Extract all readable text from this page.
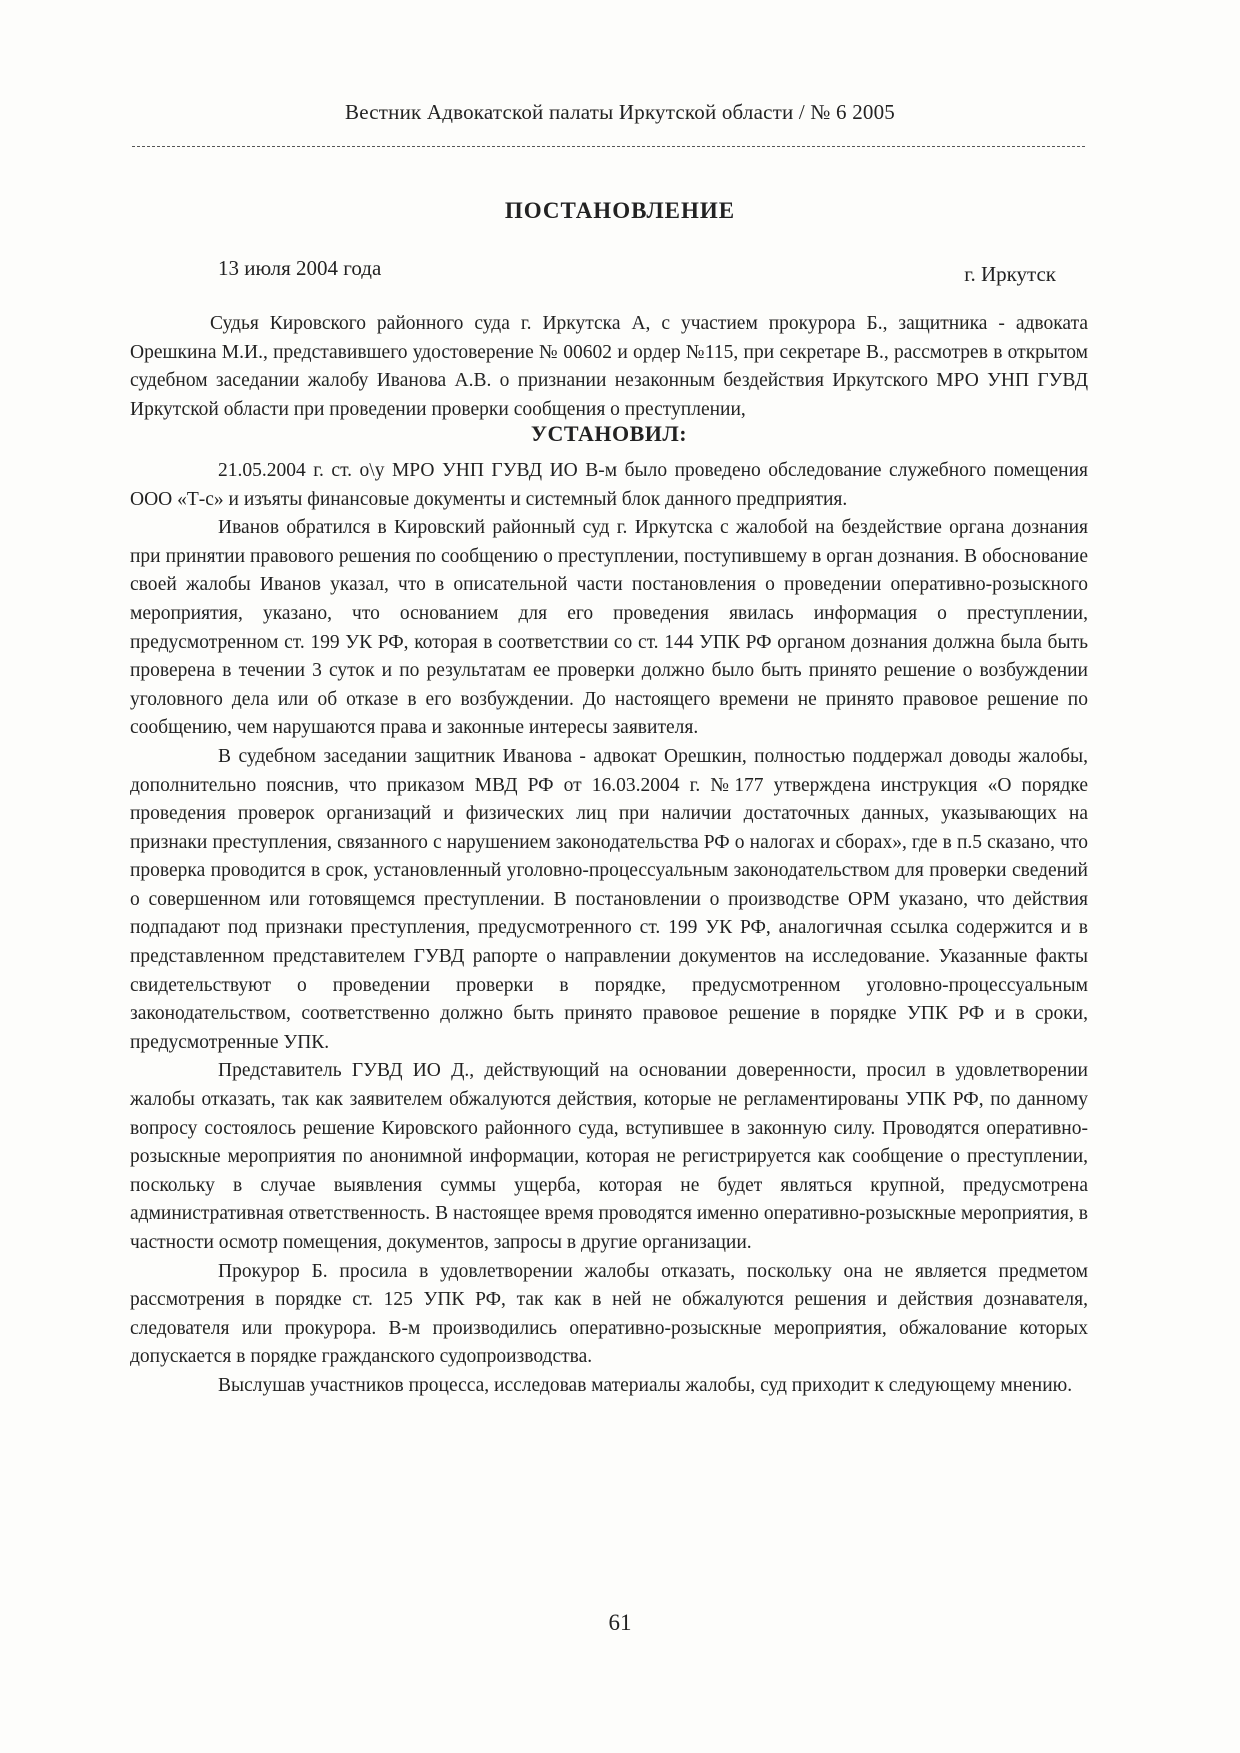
Вестник Адвокатской палаты Иркутской области / № 6 2005
ПОСТАНОВЛЕНИЕ
13 июля 2004 года	г. Иркутск

Судья Кировского районного суда г. Иркутска А, с участием прокурора Б., защитника - адвоката Орешкина М.И., представившего удостоверение № 00602 и ордер №115, при секретаре В., рассмотрев в открытом судебном заседании жалобу Иванова А.В. о признании незаконным бездействия Иркутского МРО УНП ГУВД Иркутской области при проведении проверки сообщения о преступлении,

УСТАНОВИЛ:

21.05.2004 г. ст. о\у МРО УНП ГУВД ИО В-м было проведено обследование служебного помещения ООО «Т-с» и изъяты финансовые документы и системный блок данного предприятия.

Иванов обратился в Кировский районный суд г. Иркутска с жалобой на бездействие органа дознания при принятии правового решения по сообщению о преступлении, поступившему в орган дознания. В обоснование своей жалобы Иванов указал, что в описательной части постановления о проведении оперативно-розыскного мероприятия, указано, что основанием для его проведения явилась информация о преступлении, предусмотренном ст. 199 УК РФ, которая в соответствии со ст. 144 УПК РФ органом дознания должна была быть проверена в течении 3 суток и по результатам ее проверки должно было быть принято решение о возбуждении уголовного дела или об отказе в его возбуждении. До настоящего времени не принято правовое решение по сообщению, чем нарушаются права и законные интересы заявителя.

В судебном заседании защитник Иванова - адвокат Орешкин, полностью поддержал доводы жалобы, дополнительно пояснив, что приказом МВД РФ от 16.03.2004 г. №177 утверждена инструкция «О порядке проведения проверок организаций и физических лиц при наличии достаточных данных, указывающих на признаки преступления, связанного с нарушением законодательства РФ о налогах и сборах», где в п.5 сказано, что проверка проводится в срок, установленный уголовно-процессуальным законодательством для проверки сведений о совершенном или готовящемся преступлении. В постановлении о производстве ОРМ указано, что действия подпадают под признаки преступления, предусмотренного ст. 199 УК РФ, аналогичная ссылка содержится и в представленном представителем ГУВД рапорте о направлении документов на исследование. Указанные факты свидетельствуют о проведении проверки в порядке, предусмотренном уголовно-процессуальным законодательством, соответственно должно быть принято правовое решение в порядке УПК РФ и в сроки, предусмотренные УПК.

Представитель ГУВД ИО Д., действующий на основании доверенности, просил в удовлетворении жалобы отказать, так как заявителем обжалуются действия, которые не регламентированы УПК РФ, по данному вопросу состоялось решение Кировского районного суда, вступившее в законную силу. Проводятся оперативно-розыскные мероприятия по анонимной информации, которая не регистрируется как сообщение о преступлении, поскольку в случае выявления суммы ущерба, которая не будет являться крупной, предусмотрена административная ответственность. В настоящее время проводятся именно оперативно-розыскные мероприятия, в частности осмотр помещения, документов, запросы в другие организации.

Прокурор Б. просила в удовлетворении жалобы отказать, поскольку она не является предметом рассмотрения в порядке ст. 125 УПК РФ, так как в ней не обжалуются решения и действия дознавателя, следователя или прокурора. В-м производились оперативно-розыскные мероприятия, обжалование которых допускается в порядке гражданского судопроизводства.

Выслушав участников процесса, исследовав материалы жалобы, суд приходит к следующему мнению.

61
